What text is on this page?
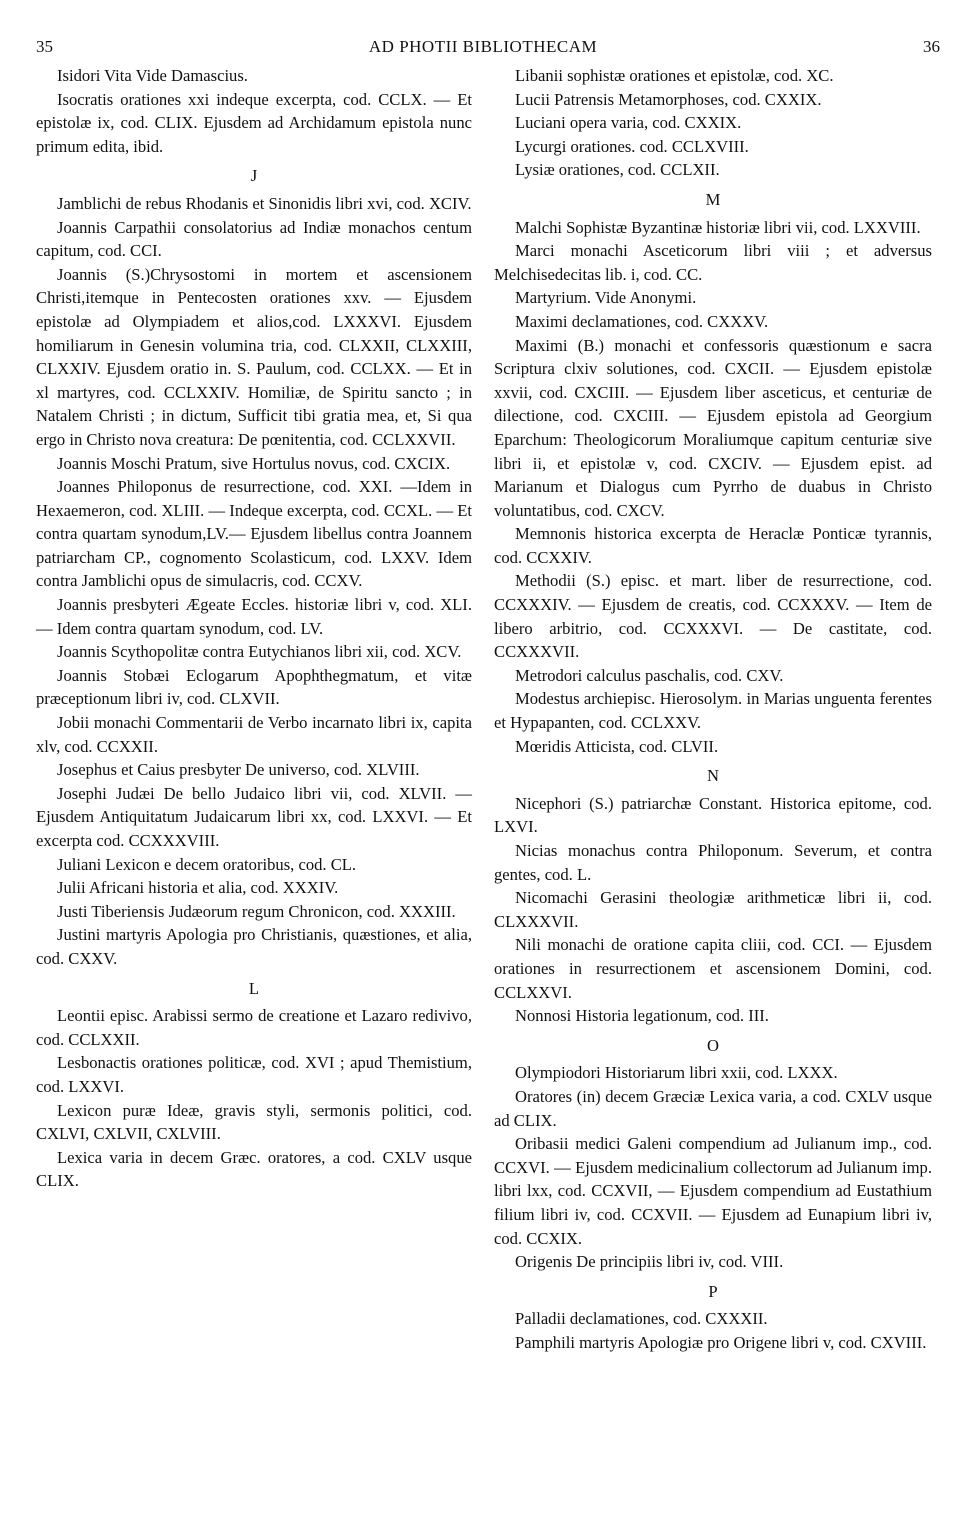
35	AD PHOTII BIBLIOTHECAM	36

Isidori Vita Vide Damascius.

Isocratis orationes xxi indeque excerpta, cod. CCLX. — Et epistolæ ix, cod. CLIX. Ejusdem ad Archidamum epistola nunc primum edita, ibid.

J

Jamblichi de rebus Rhodanis et Sinonidis libri xvi, cod. XCIV.

Joannis Carpathii consolatorius ad Indiæ monachos centum capitum, cod. CCI.

Joannis (S.)Chrysostomi in mortem et ascensionem Christi,itemque in Pentecosten orationes xxv. — Ejusdem epistolæ ad Olympiadem et alios,cod. LXXXVI. Ejusdem homiliarum in Genesin volumina tria, cod. CLXXII, CLXXIII, CLXXIV. Ejusdem oratio in. S. Paulum, cod. CCLXX. — Et in xl martyres, cod. CCLXXIV. Homiliæ, de Spiritu sancto ; in Natalem Christi ; in dictum, Sufficit tibi gratia mea, et, Si qua ergo in Christo nova creatura: De pœnitentia, cod. CCLXXVII.

Joannis Moschi Pratum, sive Hortulus novus, cod. CXCIX.

Joannes Philoponus de resurrectione, cod. XXI. —Idem in Hexaemeron, cod. XLIII. — Indeque excerpta, cod. CCXL. — Et contra quartam synodum,LV.— Ejusdem libellus contra Joannem patriarcham CP., cognomento Scolasticum, cod. LXXV. Idem contra Jamblichi opus de simulacris, cod. CCXV.

Joannis presbyteri Ægeate Eccles. historiæ libri v, cod. XLI. — Idem contra quartam synodum, cod. LV.

Joannis Scythopolitæ contra Eutychianos libri xii, cod. XCV.

Joannis Stobæi Eclogarum Apophthegmatum, et vitæ præceptionum libri iv, cod. CLXVII.

Jobii monachi Commentarii de Verbo incarnato libri ix, capita xlv, cod. CCXXII.

Josephus et Caius presbyter De universo, cod. XLVIII.

Josephi Judæi De bello Judaico libri vii, cod. XLVII. — Ejusdem Antiquitatum Judaicarum libri xx, cod. LXXVI. — Et excerpta cod. CCXXXVIII.

Juliani Lexicon e decem oratoribus, cod. CL.

Julii Africani historia et alia, cod. XXXIV.

Justi Tiberiensis Judæorum regum Chronicon, cod. XXXIII.

Justini martyris Apologia pro Christianis, quæstiones, et alia, cod. CXXV.

L

Leontii episc. Arabissi sermo de creatione et Lazaro redivivo, cod. CCLXXII.

Lesbonactis orationes politicæ, cod. XVI ; apud Themistium, cod. LXXVI.

Lexicon puræ Ideæ, gravis styli, sermonis politici, cod. CXLVI, CXLVII, CXLVIII.

Lexica varia in decem Græc. oratores, a cod. CXLV usque CLIX.

Libanii sophistæ orationes et epistolæ, cod. XC.

Lucii Patrensis Metamorphoses, cod. CXXIX.

Luciani opera varia, cod. CXXIX.

Lycurgi orationes. cod. CCLXVIII.

Lysiæ orationes, cod. CCLXII.

M

Malchi Sophistæ Byzantinæ historiæ libri vii, cod. LXXVIII.

Marci monachi Asceticorum libri viii ; et adversus Melchisedecitas lib. i, cod. CC.

Martyrium. Vide Anonymi.

Maximi declamationes, cod. CXXXV.

Maximi (B.) monachi et confessoris quæstionum e sacra Scriptura clxiv solutiones, cod. CXCII. — Ejusdem epistolæ xxvii, cod. CXCIII. — Ejusdem liber asceticus, et centuriæ de dilectione, cod. CXCIII. — Ejusdem epistola ad Georgium Eparchum: Theologicorum Moraliumque capitum centuriæ sive libri ii, et epistolæ v, cod. CXCIV. — Ejusdem epist. ad Marianum et Dialogus cum Pyrrho de duabus in Christo voluntatibus, cod. CXCV.

Memnonis historica excerpta de Heraclæ Ponticæ tyrannis, cod. CCXXIV.

Methodii (S.) episc. et mart. liber de resurrectione, cod. CCXXXIV. — Ejusdem de creatis, cod. CCXXXV. — Item de libero arbitrio, cod. CCXXXVI. — De castitate, cod. CCXXXVII.

Metrodori calculus paschalis, cod. CXV.

Modestus archiepisc. Hierosolym. in Marias unguenta ferentes et Hypapanten, cod. CCLXXV.

Mœridis Atticista, cod. CLVII.

N

Nicephori (S.) patriarchæ Constant. Historica epitome, cod. LXVI.

Nicias monachus contra Philoponum. Severum, et contra gentes, cod. L.

Nicomachi Gerasini theologiæ arithmeticæ libri ii, cod. CLXXXVII.

Nili monachi de oratione capita cliii, cod. CCI. — Ejusdem orationes in resurrectionem et ascensionem Domini, cod. CCLXXVI.

Nonnosi Historia legationum, cod. III.

O

Olympiodori Historiarum libri xxii, cod. LXXX.

Oratores (in) decem Græciæ Lexica varia, a cod. CXLV usque ad CLIX.

Oribasii medici Galeni compendium ad Julianum imp., cod. CCXVI. — Ejusdem medicinalium collectorum ad Julianum imp. libri lxx, cod. CCXVII, — Ejusdem compendium ad Eustathium filium libri iv, cod. CCXVII. — Ejusdem ad Eunapium libri iv, cod. CCXIX.

Origenis De principiis libri iv, cod. VIII.

P

Palladii declamationes, cod. CXXXII.

Pamphili martyris Apologiæ pro Origene libri v, cod. CXVIII.
